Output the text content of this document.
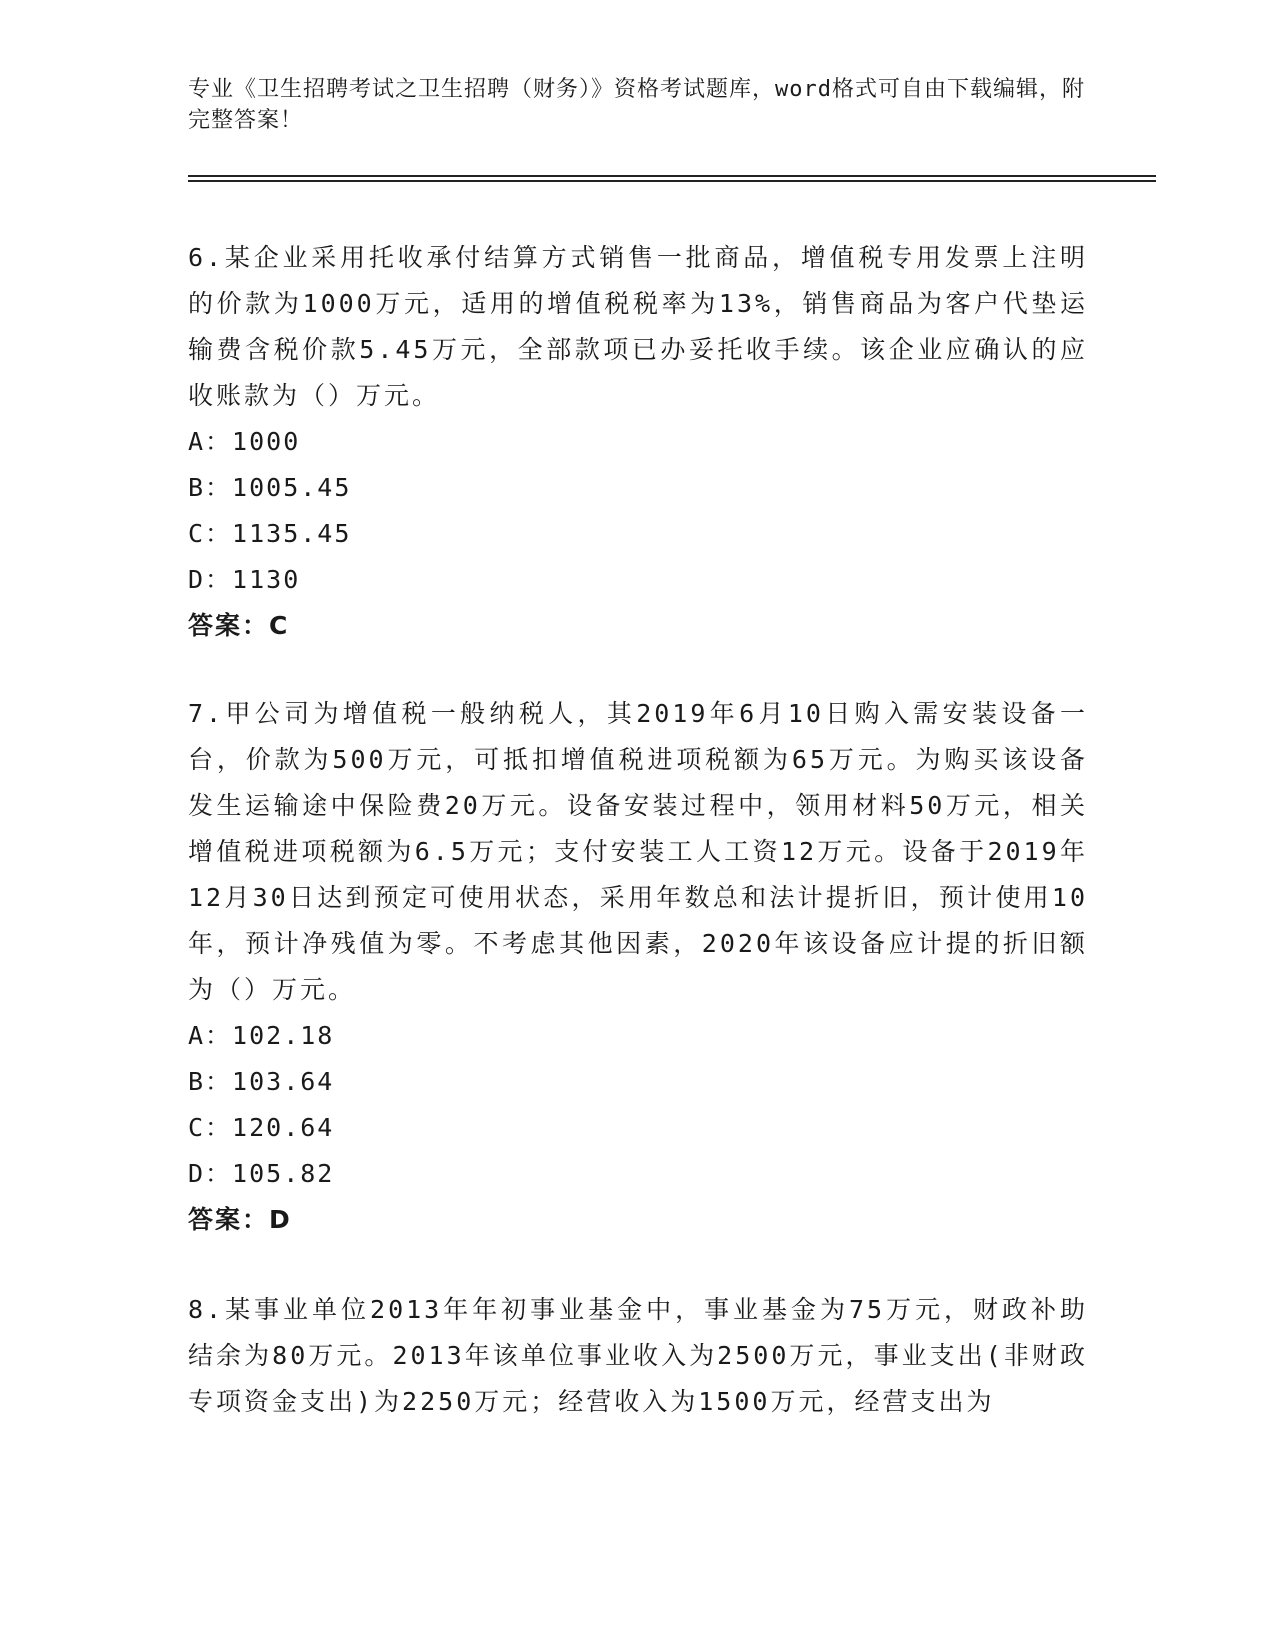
专业《卫生招聘考试之卫生招聘（财务）》资格考试题库，word格式可自由下载编辑，附完整答案！
6.某企业采用托收承付结算方式销售一批商品，增值税专用发票上注明的价款为1000万元，适用的增值税税率为13%，销售商品为客户代垫运输费含税价款5.45万元，全部款项已办妥托收手续。该企业应确认的应收账款为（）万元。
A：1000
B：1005.45
C：1135.45
D：1130
答案：C
7.甲公司为增值税一般纳税人，其2019年6月10日购入需安装设备一台，价款为500万元，可抵扣增值税进项税额为65万元。为购买该设备发生运输途中保险费20万元。设备安装过程中，领用材料50万元，相关增值税进项税额为6.5万元；支付安装工人工资12万元。设备于2019年12月30日达到预定可使用状态，采用年数总和法计提折旧，预计使用10年，预计净残值为零。不考虑其他因素，2020年该设备应计提的折旧额为（）万元。
A：102.18
B：103.64
C：120.64
D：105.82
答案：D
8.某事业单位2013年年初事业基金中，事业基金为75万元，财政补助结余为80万元。2013年该单位事业收入为2500万元，事业支出(非财政专项资金支出)为2250万元；经营收入为1500万元，经营支出为
